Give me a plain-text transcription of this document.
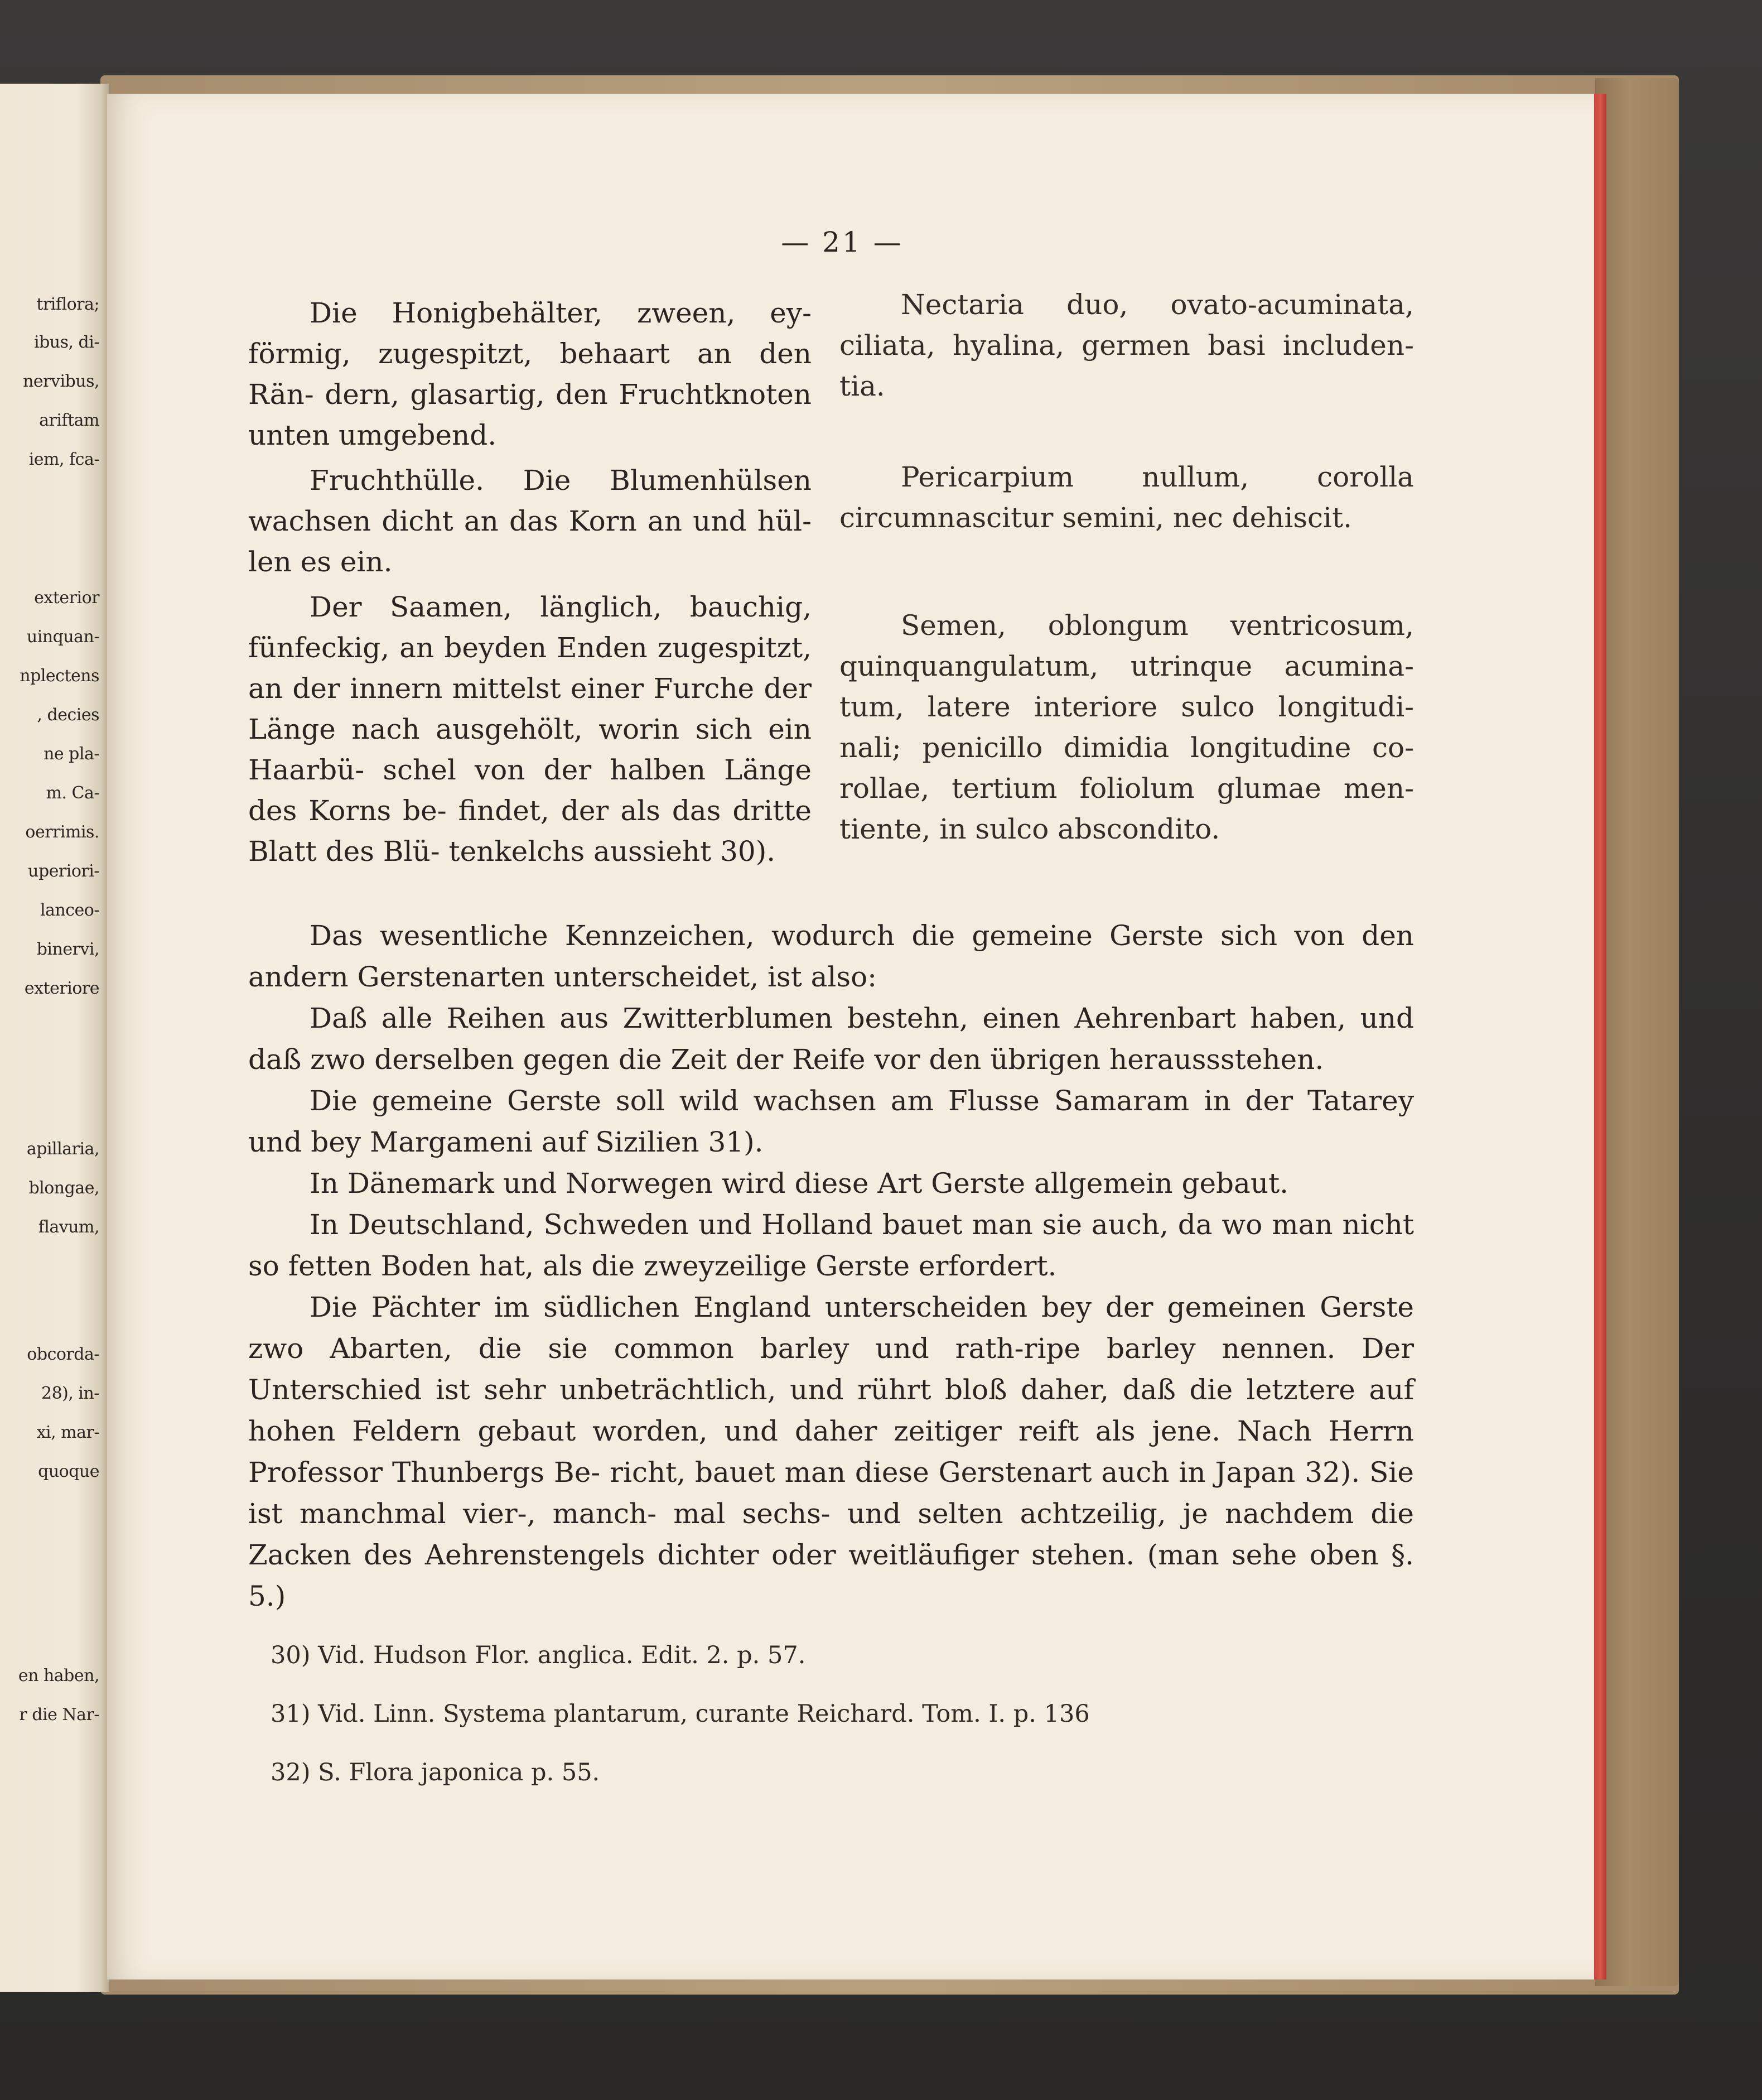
triflora;
ibus, di-
nervibus,
ariftam
iem, fca-
exterior
uinquan-
nplectens
, decies
ne pla-
m. Ca-
oerrimis.
uperiori-
lanceo-
binervi,
exteriore
apillaria,
blongae,
flavum,
obcorda-
28), in-
xi, mar-
quoque
en haben,
r die Nar-
— 21 —

Die Honigbehälter, zween, ey- förmig, zugespitzt, behaart an den Rän- dern, glasartig, den Fruchtknoten unten umgebend.

Fruchthülle. Die Blumenhülsen wachsen dicht an das Korn an und hül- len es ein.

Der Saamen, länglich, bauchig, fünfeckig, an beyden Enden zugespitzt, an der innern mittelst einer Furche der Länge nach ausgehölt, worin sich ein Haarbü- schel von der halben Länge des Korns be- findet, der als das dritte Blatt des Blü- tenkelchs aussieht 30).

Nectaria duo, ovato-acuminata, ciliata, hyalina, germen basi includen- tia.

Pericarpium nullum, corolla circumnascitur semini, nec dehiscit.

Semen, oblongum ventricosum, quinquangulatum, utrinque acumina- tum, latere interiore sulco longitudi- nali; penicillo dimidia longitudine co- rollae, tertium foliolum glumae men- tiente, in sulco abscondito.

Das wesentliche Kennzeichen, wodurch die gemeine Gerste sich von den andern Gerstenarten unterscheidet, ist also:

Daß alle Reihen aus Zwitterblumen bestehn, einen Aehrenbart haben, und daß zwo derselben gegen die Zeit der Reife vor den übrigen heraussstehen.

Die gemeine Gerste soll wild wachsen am Flusse Samaram in der Tatarey und bey Margameni auf Sizilien 31).

In Dänemark und Norwegen wird diese Art Gerste allgemein gebaut.

In Deutschland, Schweden und Holland bauet man sie auch, da wo man nicht so fetten Boden hat, als die zweyzeilige Gerste erfordert.

Die Pächter im südlichen England unterscheiden bey der gemeinen Gerste zwo Abarten, die sie common barley und rath-ripe barley nennen. Der Unterschied ist sehr unbeträchtlich, und rührt bloß daher, daß die letztere auf hohen Feldern gebaut worden, und daher zeitiger reift als jene. Nach Herrn Professor Thunbergs Be- richt, bauet man diese Gerstenart auch in Japan 32). Sie ist manchmal vier-, manch- mal sechs- und selten achtzeilig, je nachdem die Zacken des Aehrenstengels dichter oder weitläufiger stehen. (man sehe oben §. 5.)

30) Vid. Hudson Flor. anglica. Edit. 2. p. 57.

31) Vid. Linn. Systema plantarum, curante Reichard. Tom. I. p. 136

32) S. Flora japonica p. 55.
